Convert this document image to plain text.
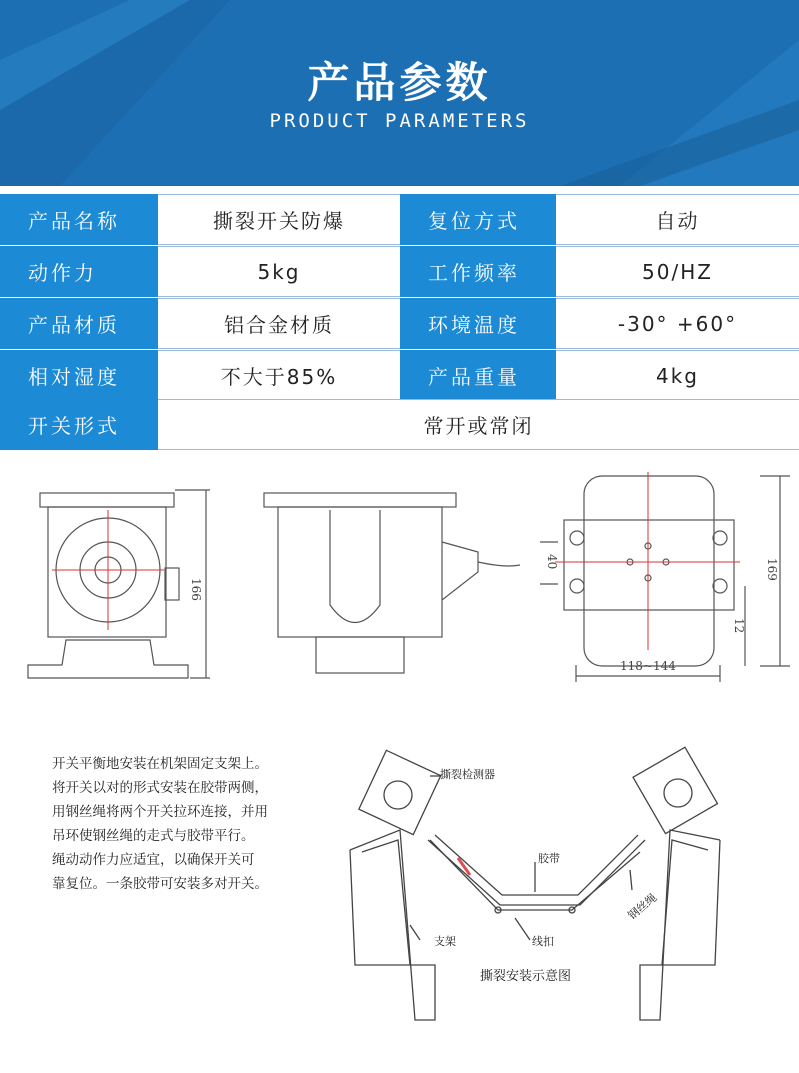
产品参数
PRODUCT PARAMETERS
产品名称	撕裂开关防爆	复位方式	自动
动作力	5kg	工作频率	50/HZ
产品材质	铝合金材质	环境温度	-30° +60°
相对湿度	不大于85%	产品重量	4kg
开关形式	常开或常闭
166
40
118~144
169
12

开关平衡地安装在机架固定支架上。

将开关以对的形式安装在胶带两侧，

用钢丝绳将两个开关拉环连接，并用

吊环使钢丝绳的走式与胶带平行。

绳动动作力应适宜，以确保开关可

靠复位。一条胶带可安装多对开关。

撕裂检测器
胶带
钢丝绳
支架	线扣
撕裂安装示意图
